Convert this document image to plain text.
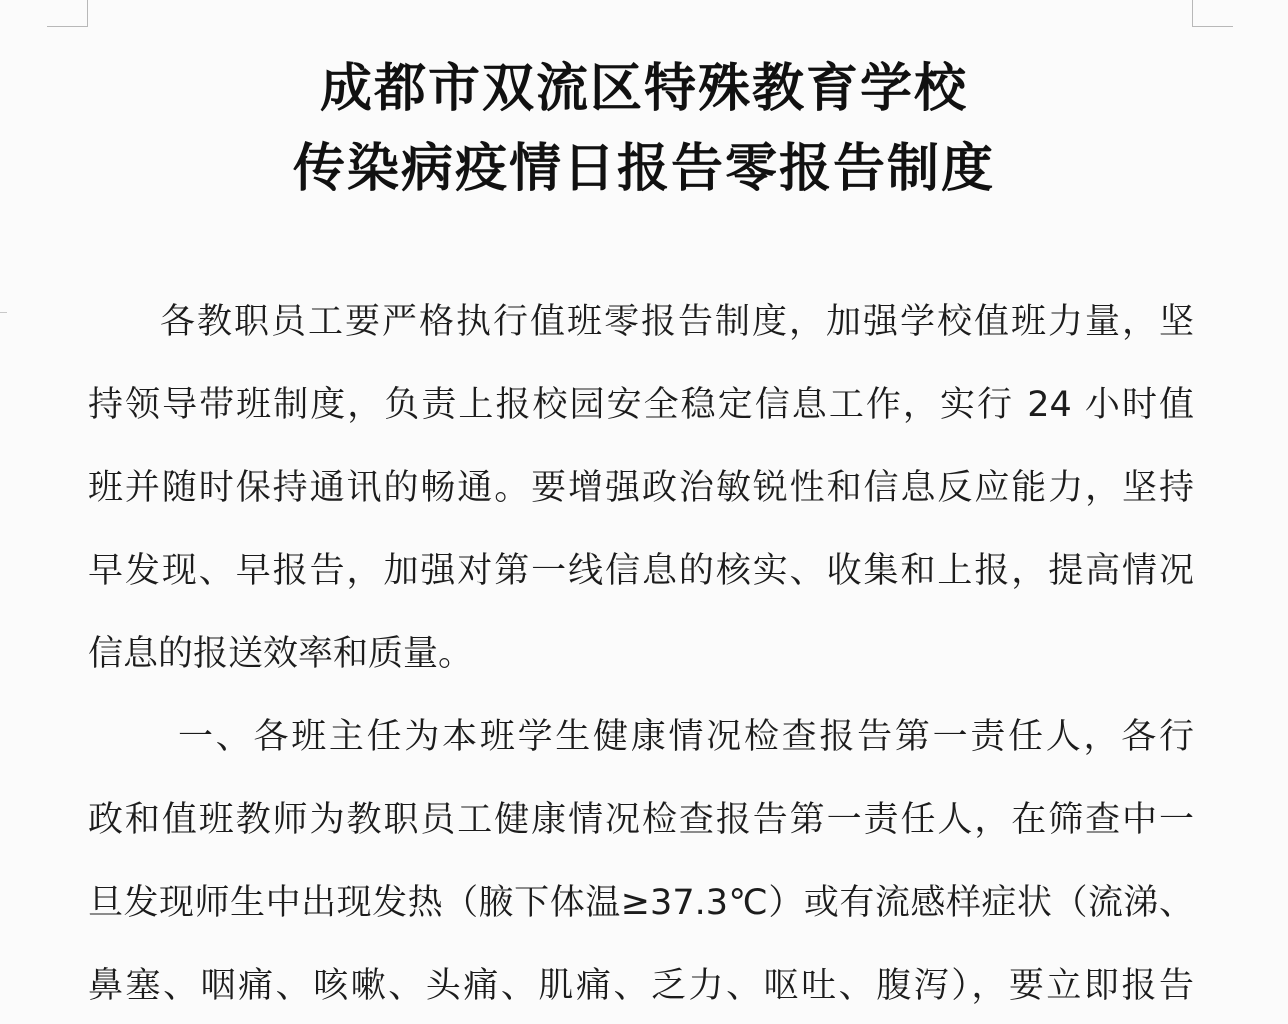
成都市双流区特殊教育学校
传染病疫情日报告零报告制度
各教职员工要严格执行值班零报告制度，加强学校值班力量，坚
持领导带班制度，负责上报校园安全稳定信息工作，实行 24 小时值
班并随时保持通讯的畅通。要增强政治敏锐性和信息反应能力，坚持
早发现、早报告，加强对第一线信息的核实、收集和上报，提高情况
信息的报送效率和质量。
一、各班主任为本班学生健康情况检查报告第一责任人，各行
政和值班教师为教职员工健康情况检查报告第一责任人，在筛查中一
旦发现师生中出现发热（腋下体温≥37.3℃）或有流感样症状（流涕、
鼻塞、咽痛、咳嗽、头痛、肌痛、乏力、呕吐、腹泻），要立即报告
